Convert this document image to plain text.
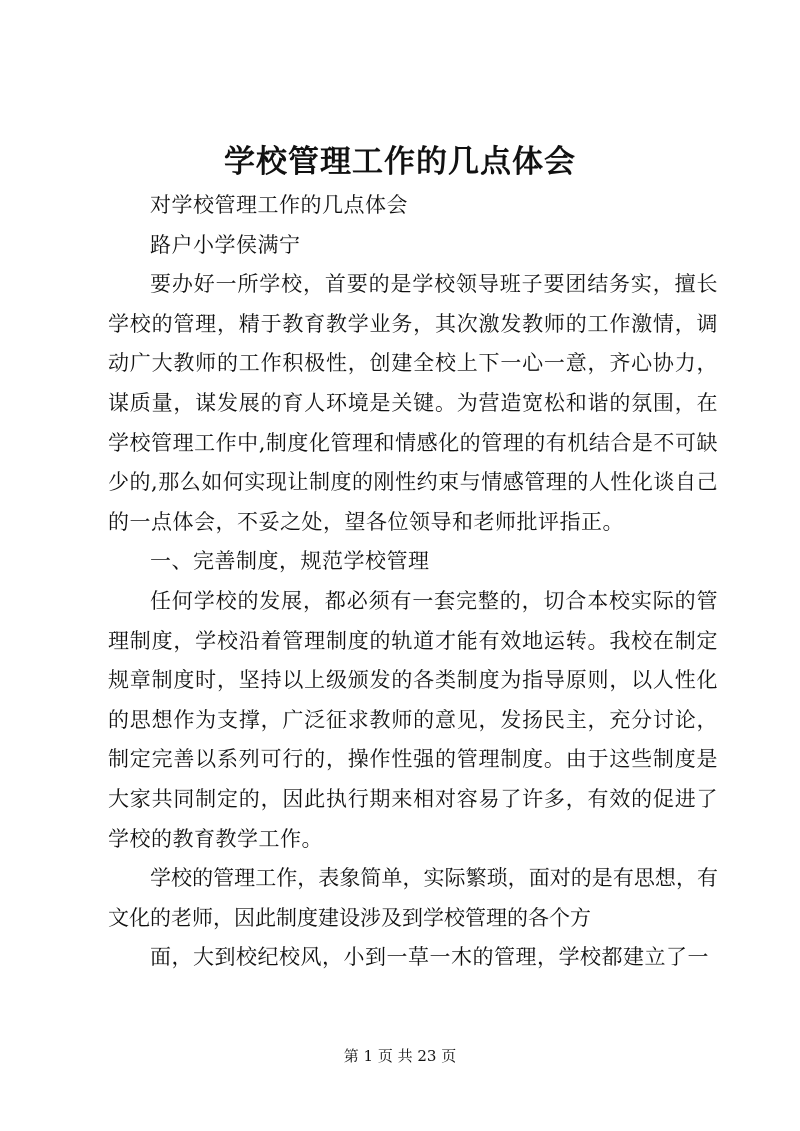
学校管理工作的几点体会

对学校管理工作的几点体会

路户小学侯满宁

要办好一所学校，首要的是学校领导班子要团结务实，擅长学校的管理，精于教育教学业务，其次激发教师的工作激情，调动广大教师的工作积极性，创建全校上下一心一意，齐心协力，谋质量，谋发展的育人环境是关键。为营造宽松和谐的氛围，在学校管理工作中,制度化管理和情感化的管理的有机结合是不可缺少的,那么如何实现让制度的刚性约束与情感管理的人性化谈自己的一点体会，不妥之处，望各位领导和老师批评指正。

一、完善制度，规范学校管理

任何学校的发展，都必须有一套完整的，切合本校实际的管理制度，学校沿着管理制度的轨道才能有效地运转。我校在制定规章制度时，坚持以上级颁发的各类制度为指导原则，以人性化的思想作为支撑，广泛征求教师的意见，发扬民主，充分讨论，制定完善以系列可行的，操作性强的管理制度。由于这些制度是大家共同制定的，因此执行期来相对容易了许多，有效的促进了学校的教育教学工作。

学校的管理工作，表象简单，实际繁琐，面对的是有思想，有文化的老师，因此制度建设涉及到学校管理的各个方

面，大到校纪校风，小到一草一木的管理，学校都建立了一

第 1 页 共 23 页
